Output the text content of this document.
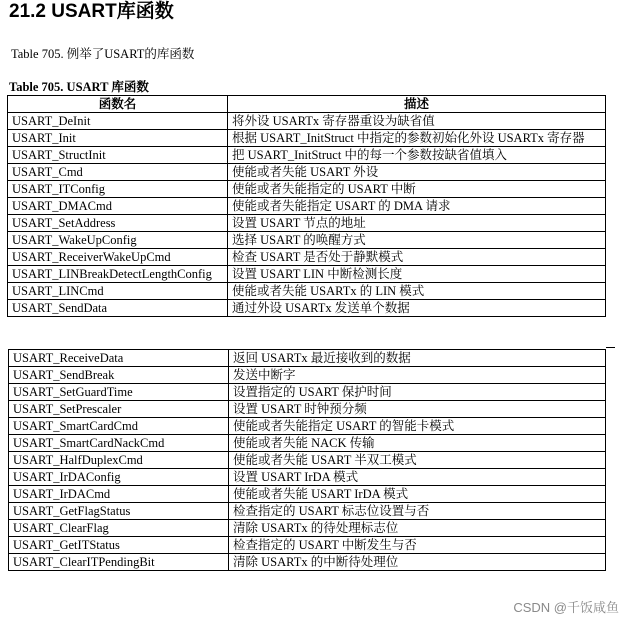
21.2 USART库函数
Table 705. 例举了USART的库函数
Table 705. USART 库函数
函数名	描述
USART_DeInit	将外设 USARTx 寄存器重设为缺省值
USART_Init	根据 USART_InitStruct 中指定的参数初始化外设 USARTx 寄存器
USART_StructInit	把 USART_InitStruct 中的每一个参数按缺省值填入
USART_Cmd	使能或者失能 USART 外设
USART_ITConfig	使能或者失能指定的 USART 中断
USART_DMACmd	使能或者失能指定 USART 的 DMA 请求
USART_SetAddress	设置 USART 节点的地址
USART_WakeUpConfig	选择 USART 的唤醒方式
USART_ReceiverWakeUpCmd	检查 USART 是否处于静默模式
USART_LINBreakDetectLengthConfig	设置 USART LIN 中断检测长度
USART_LINCmd	使能或者失能 USARTx 的 LIN 模式
USART_SendData	通过外设 USARTx 发送单个数据
USART_ReceiveData	返回 USARTx 最近接收到的数据
USART_SendBreak	发送中断字
USART_SetGuardTime	设置指定的 USART 保护时间
USART_SetPrescaler	设置 USART 时钟预分频
USART_SmartCardCmd	使能或者失能指定 USART 的智能卡模式
USART_SmartCardNackCmd	使能或者失能 NACK 传输
USART_HalfDuplexCmd	使能或者失能 USART 半双工模式
USART_IrDAConfig	设置 USART IrDA 模式
USART_IrDACmd	使能或者失能 USART IrDA 模式
USART_GetFlagStatus	检查指定的 USART 标志位设置与否
USART_ClearFlag	清除 USARTx 的待处理标志位
USART_GetITStatus	检查指定的 USART 中断发生与否
USART_ClearITPendingBit	清除 USARTx 的中断待处理位
CSDN @千饭咸鱼
